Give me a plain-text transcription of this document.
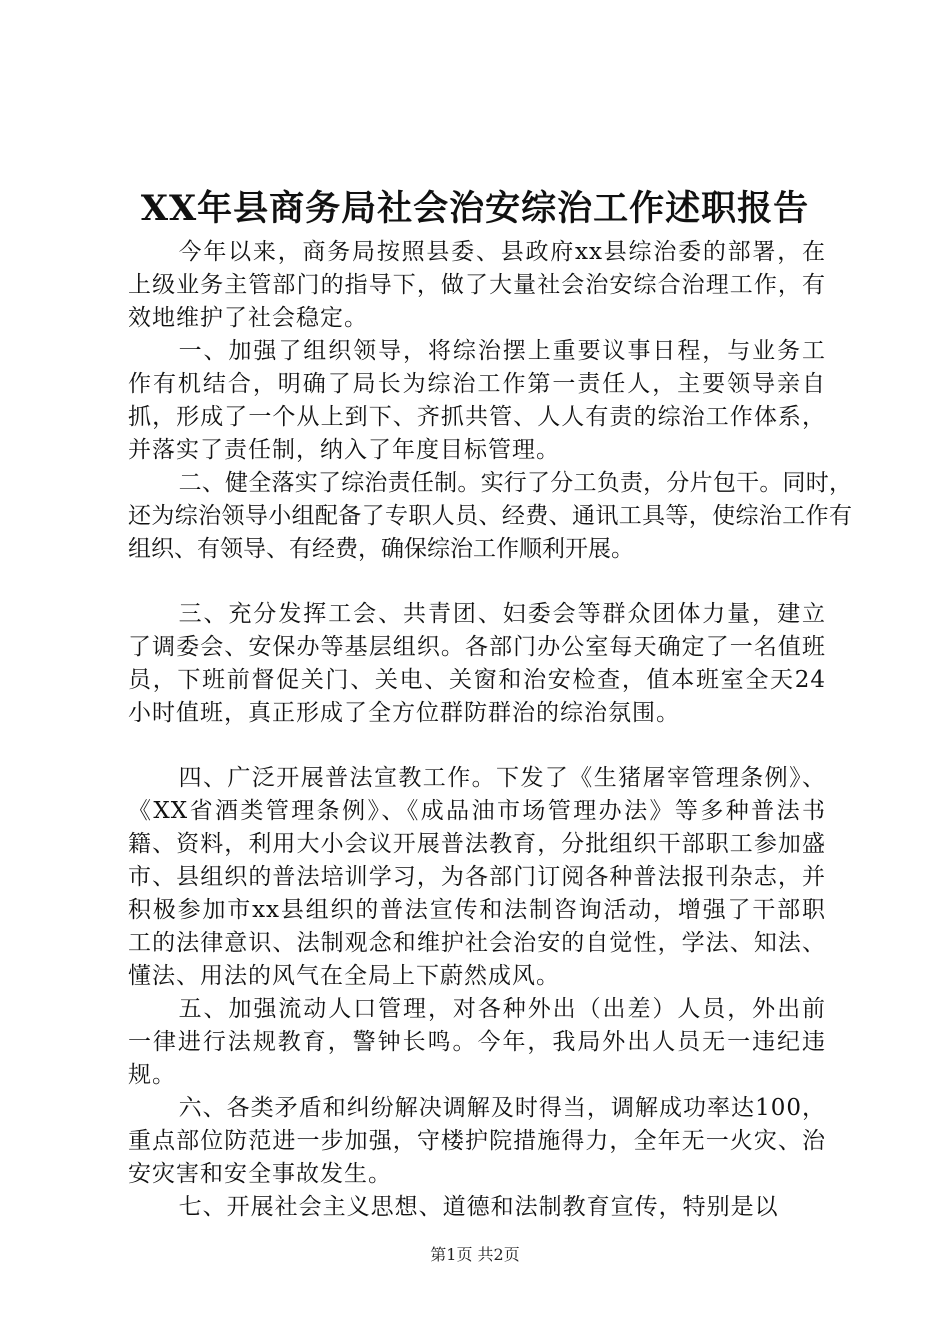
XX年县商务局社会治安综治工作述职报告

今年以来，商务局按照县委、县政府xx县综治委的部署，在上级业务主管部门的指导下，做了大量社会治安综合治理工作，有效地维护了社会稳定。

一、加强了组织领导，将综治摆上重要议事日程，与业务工作有机结合，明确了局长为综治工作第一责任人，主要领导亲自抓，形成了一个从上到下、齐抓共管、人人有责的综治工作体系，并落实了责任制，纳入了年度目标管理。

二、健全落实了综治责任制。实行了分工负责，分片包干。同时，还为综治领导小组配备了专职人员、经费、通讯工具等，使综治工作有组织、有领导、有经费，确保综治工作顺利开展。

三、充分发挥工会、共青团、妇委会等群众团体力量，建立了调委会、安保办等基层组织。各部门办公室每天确定了一名值班员，下班前督促关门、关电、关窗和治安检查，值本班室全天24小时值班，真正形成了全方位群防群治的综治氛围。

四、广泛开展普法宣教工作。下发了《生猪屠宰管理条例》、《XX省酒类管理条例》、《成品油市场管理办法》等多种普法书籍、资料，利用大小会议开展普法教育，分批组织干部职工参加盛市、县组织的普法培训学习，为各部门订阅各种普法报刊杂志，并积极参加市xx县组织的普法宣传和法制咨询活动，增强了干部职工的法律意识、法制观念和维护社会治安的自觉性，学法、知法、懂法、用法的风气在全局上下蔚然成风。

五、加强流动人口管理，对各种外出（出差）人员，外出前一律进行法规教育，警钟长鸣。今年，我局外出人员无一违纪违规。

六、各类矛盾和纠纷解决调解及时得当，调解成功率达100，重点部位防范进一步加强，守楼护院措施得力，全年无一火灾、治安灾害和安全事故发生。

七、开展社会主义思想、道德和法制教育宣传，特别是以

第1页 共2页
